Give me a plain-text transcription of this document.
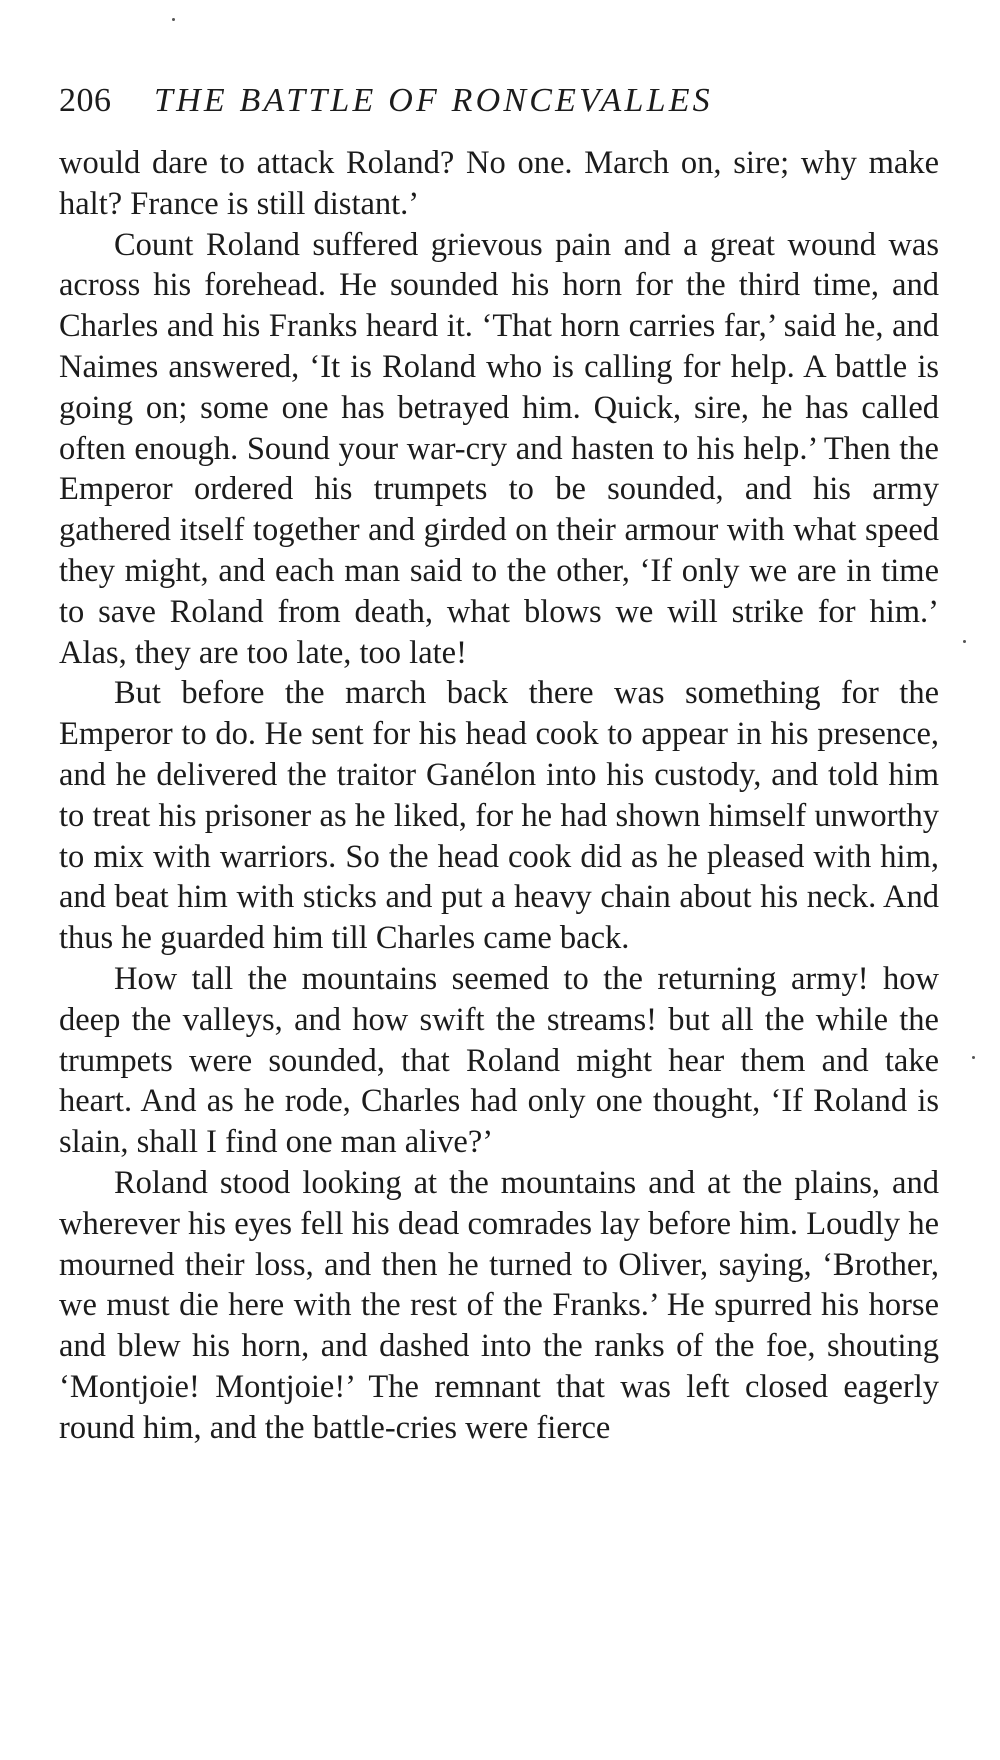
206 THE BATTLE OF RONCEVALLES

would dare to attack Roland? No one. March on, sire; why make halt? France is still distant.’

Count Roland suffered grievous pain and a great wound was across his forehead. He sounded his horn for the third time, and Charles and his Franks heard it. ‘That horn carries far,’ said he, and Naimes answered, ‘It is Roland who is calling for help. A battle is going on; some one has betrayed him. Quick, sire, he has called often enough. Sound your war-cry and hasten to his help.’ Then the Emperor ordered his trumpets to be sounded, and his army gathered itself together and girded on their armour with what speed they might, and each man said to the other, ‘If only we are in time to save Roland from death, what blows we will strike for him.’ Alas, they are too late, too late!

But before the march back there was something for the Emperor to do. He sent for his head cook to appear in his presence, and he delivered the traitor Ganélon into his custody, and told him to treat his prisoner as he liked, for he had shown himself unworthy to mix with warriors. So the head cook did as he pleased with him, and beat him with sticks and put a heavy chain about his neck. And thus he guarded him till Charles came back.

How tall the mountains seemed to the returning army! how deep the valleys, and how swift the streams! but all the while the trumpets were sounded, that Roland might hear them and take heart. And as he rode, Charles had only one thought, ‘If Roland is slain, shall I find one man alive?’

Roland stood looking at the mountains and at the plains, and wherever his eyes fell his dead comrades lay before him. Loudly he mourned their loss, and then he turned to Oliver, saying, ‘Brother, we must die here with the rest of the Franks.’ He spurred his horse and blew his horn, and dashed into the ranks of the foe, shouting ‘Montjoie! Montjoie!’ The remnant that was left closed eagerly round him, and the battle-cries were fierce
